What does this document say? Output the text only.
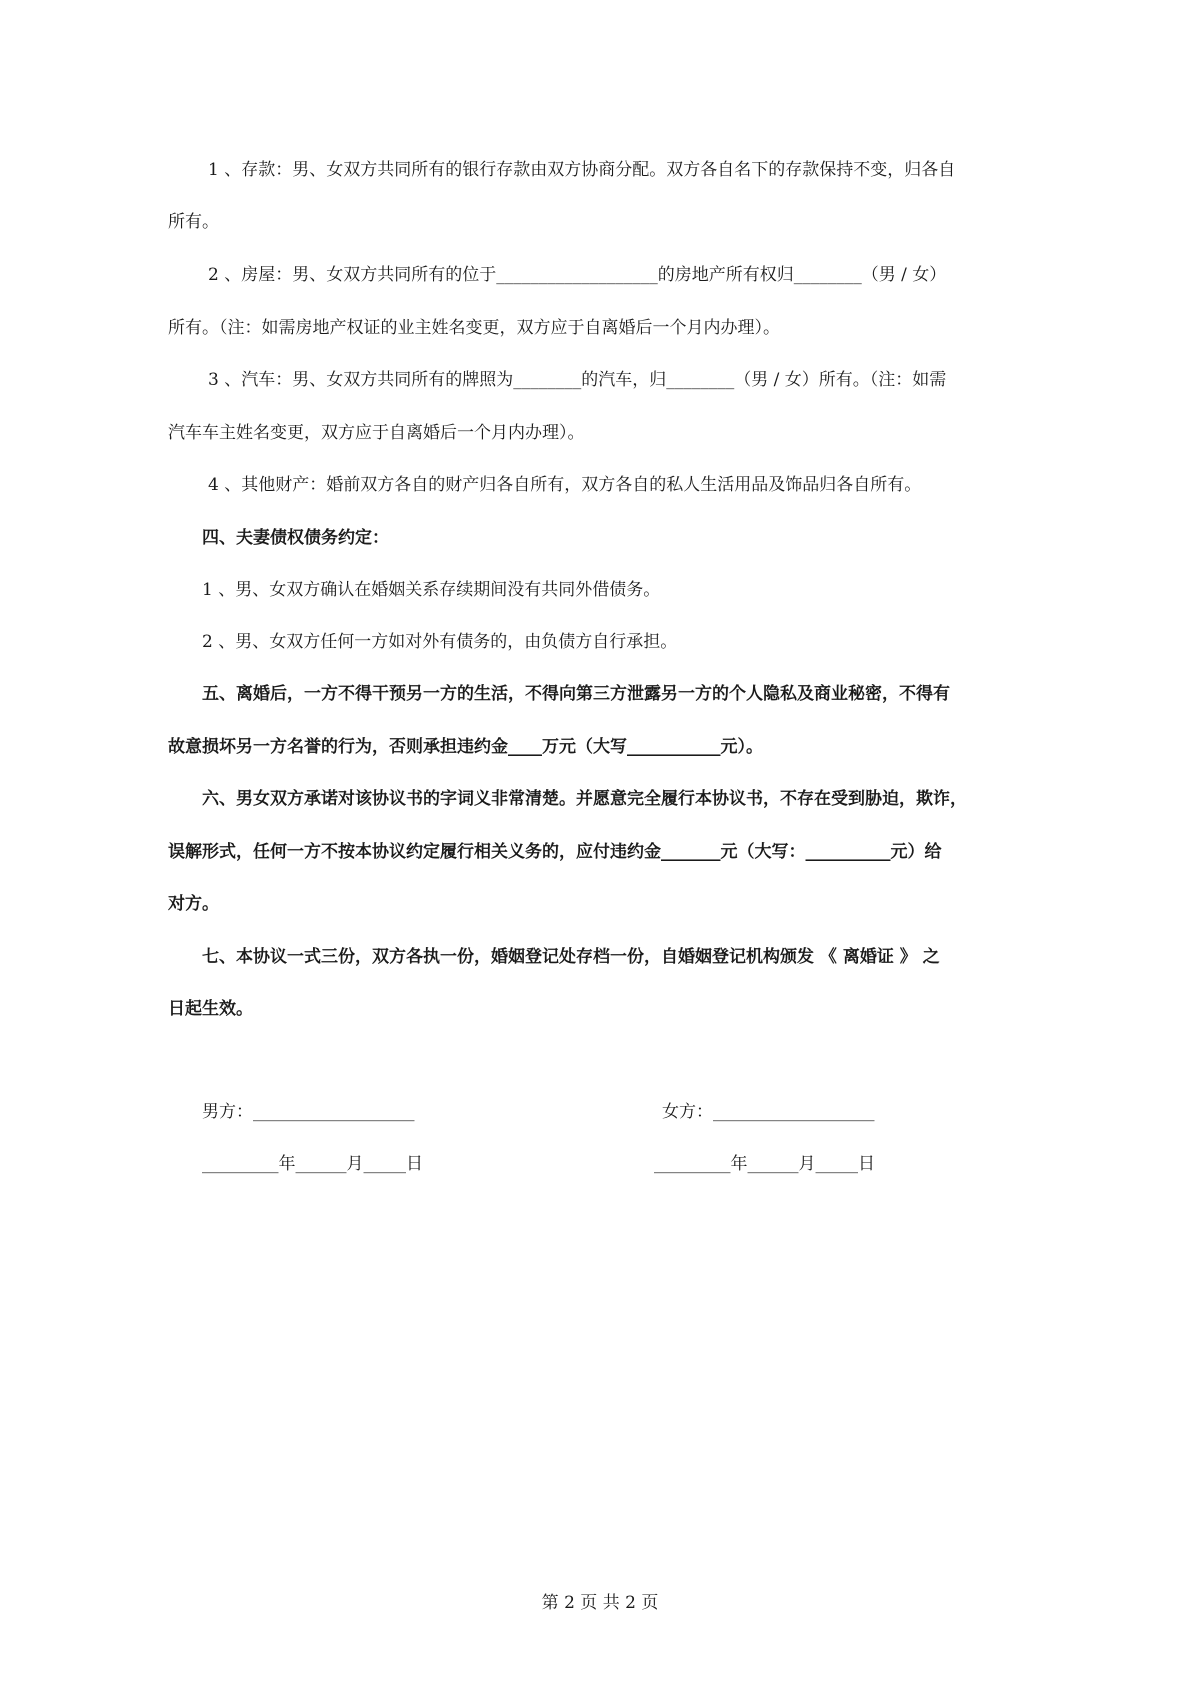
1 、存款：男、女双方共同所有的银行存款由双方协商分配。双方各自名下的存款保持不变，归各自
所有。
2 、房屋：男、女双方共同所有的位于___________________的房地产所有权归________（男 / 女）
所有。（注：如需房地产权证的业主姓名变更，双方应于自离婚后一个月内办理）。
3 、汽车：男、女双方共同所有的牌照为________的汽车，归________（男 / 女）所有。（注：如需
汽车车主姓名变更，双方应于自离婚后一个月内办理）。
4 、其他财产：婚前双方各自的财产归各自所有，双方各自的私人生活用品及饰品归各自所有。
四、夫妻债权债务约定：
1 、男、女双方确认在婚姻关系存续期间没有共同外借债务。
2 、男、女双方任何一方如对外有债务的，由负债方自行承担。
五、离婚后，一方不得干预另一方的生活，不得向第三方泄露另一方的个人隐私及商业秘密，不得有
故意损坏另一方名誉的行为，否则承担违约金____万元（大写___________元）。
六、男女双方承诺对该协议书的字词义非常清楚。并愿意完全履行本协议书，不存在受到胁迫，欺诈，
误解形式，任何一方不按本协议约定履行相关义务的，应付违约金_______元（大写：__________元）给
对方。
七、本协议一式三份，双方各执一份，婚姻登记处存档一份，自婚姻登记机构颁发 《 离婚证 》 之
日起生效。
男方：___________________	女方：___________________
_________年______月_____日	_________年______月_____日
第 2 页 共 2 页
